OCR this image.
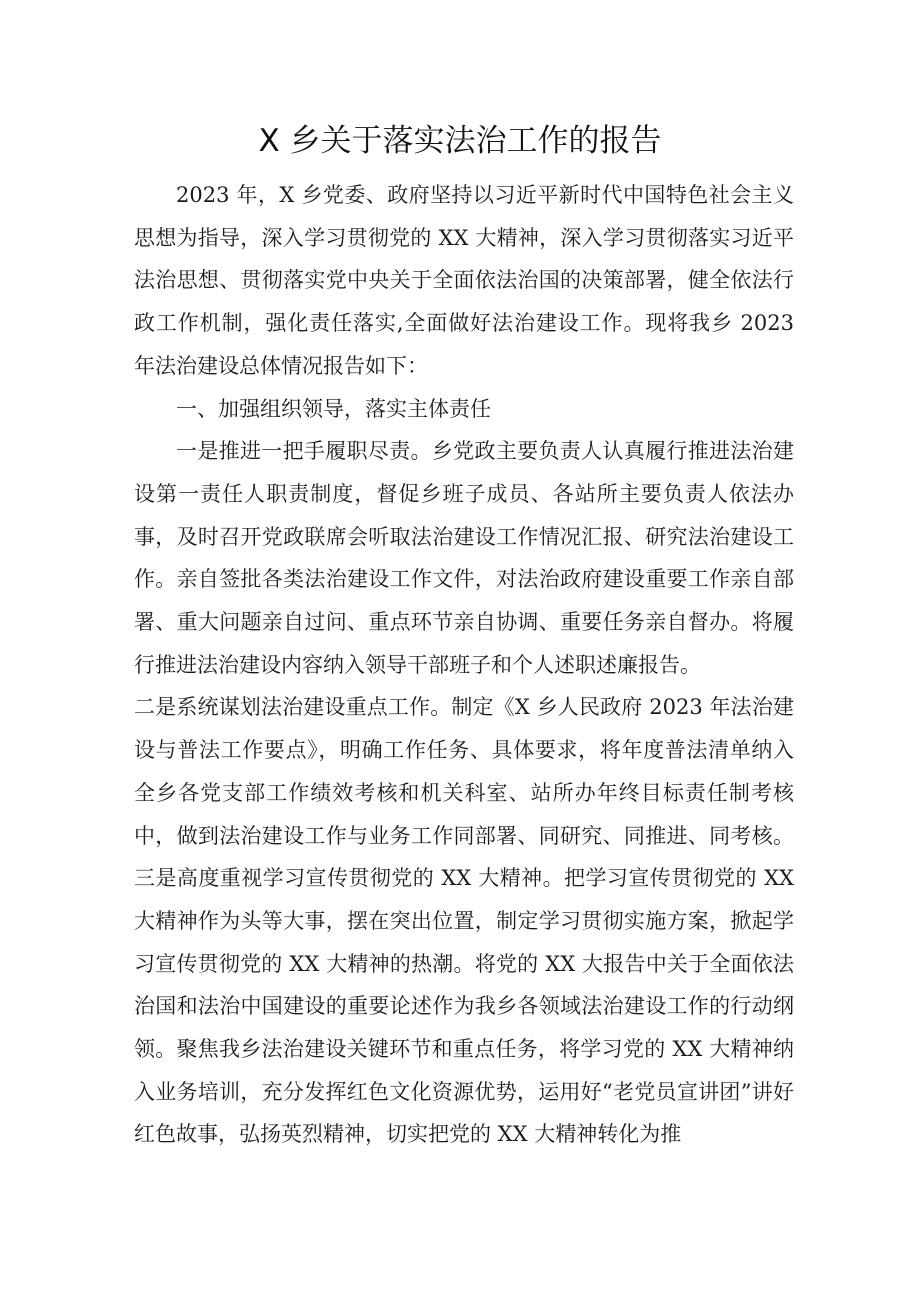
X 乡关于落实法治工作的报告

2023 年，X 乡党委、政府坚持以习近平新时代中国特色社会主义思想为指导，深入学习贯彻党的 XX 大精神，深入学习贯彻落实习近平法治思想、贯彻落实党中央关于全面依法治国的决策部署，健全依法行政工作机制，强化责任落实,全面做好法治建设工作。现将我乡 2023 年法治建设总体情况报告如下：

一、加强组织领导，落实主体责任

一是推进一把手履职尽责。乡党政主要负责人认真履行推进法治建设第一责任人职责制度，督促乡班子成员、各站所主要负责人依法办事，及时召开党政联席会听取法治建设工作情况汇报、研究法治建设工作。亲自签批各类法治建设工作文件，对法治政府建设重要工作亲自部署、重大问题亲自过问、重点环节亲自协调、重要任务亲自督办。将履行推进法治建设内容纳入领导干部班子和个人述职述廉报告。

二是系统谋划法治建设重点工作。制定《X 乡人民政府 2023 年法治建设与普法工作要点》，明确工作任务、具体要求，将年度普法清单纳入全乡各党支部工作绩效考核和机关科室、站所办年终目标责任制考核中，做到法治建设工作与业务工作同部署、同研究、同推进、同考核。三是高度重视学习宣传贯彻党的 XX 大精神。把学习宣传贯彻党的 XX 大精神作为头等大事，摆在突出位置，制定学习贯彻实施方案，掀起学习宣传贯彻党的 XX 大精神的热潮。将党的 XX 大报告中关于全面依法治国和法治中国建设的重要论述作为我乡各领域法治建设工作的行动纲领。聚焦我乡法治建设关键环节和重点任务，将学习党的 XX 大精神纳入业务培训，充分发挥红色文化资源优势，运用好“老党员宣讲团”讲好红色故事，弘扬英烈精神，切实把党的 XX 大精神转化为推
